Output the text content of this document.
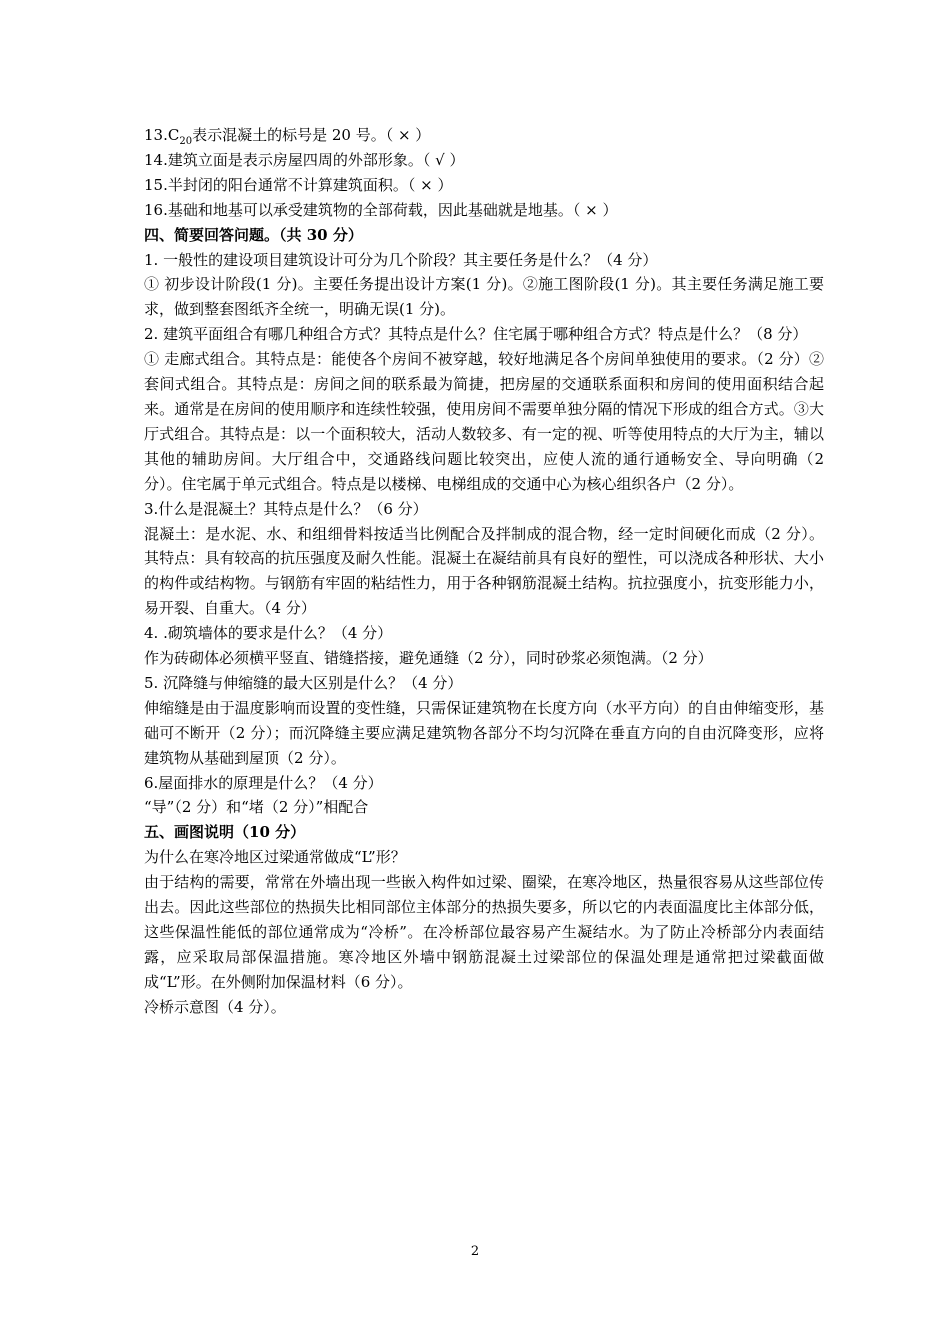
$13.C_{20}$表示混凝土的标号是 20 号。（ × ）

14.建筑立面是表示房屋四周的外部形象。（ √ ）

15.半封闭的阳台通常不计算建筑面积。（ × ）

16.基础和地基可以承受建筑物的全部荷载，因此基础就是地基。（ × ）

四、简要回答问题。（共 30 分）

1. 一般性的建设项目建筑设计可分为几个阶段？其主要任务是什么？（4 分）

① 初步设计阶段(1 分)。主要任务提出设计方案(1 分)。②施工图阶段(1 分)。其主要任务满足施工要求，做到整套图纸齐全统一，明确无误(1 分)。

2. 建筑平面组合有哪几种组合方式？其特点是什么？住宅属于哪种组合方式？特点是什么？（8 分）

① 走廊式组合。其特点是：能使各个房间不被穿越，较好地满足各个房间单独使用的要求。（2 分）②套间式组合。其特点是：房间之间的联系最为简捷，把房屋的交通联系面积和房间的使用面积结合起来。通常是在房间的使用顺序和连续性较强，使用房间不需要单独分隔的情况下形成的组合方式。③大厅式组合。其特点是：以一个面积较大，活动人数较多、有一定的视、听等使用特点的大厅为主，辅以其他的辅助房间。大厅组合中，交通路线问题比较突出，应使人流的通行通畅安全、导向明确（2 分）。住宅属于单元式组合。特点是以楼梯、电梯组成的交通中心为核心组织各户（2 分）。

3.什么是混凝土？其特点是什么？（6 分）

混凝土：是水泥、水、和组细骨料按适当比例配合及拌制成的混合物，经一定时间硬化而成（2 分）。其特点：具有较高的抗压强度及耐久性能。混凝土在凝结前具有良好的塑性，可以浇成各种形状、大小的构件或结构物。与钢筋有牢固的粘结性力，用于各种钢筋混凝土结构。抗拉强度小，抗变形能力小，易开裂、自重大。（4 分）

4. .砌筑墙体的要求是什么？（4 分）

作为砖砌体必须横平竖直、错缝搭接，避免通缝（2 分），同时砂浆必须饱满。（2 分）

5. 沉降缝与伸缩缝的最大区别是什么？（4 分）

伸缩缝是由于温度影响而设置的变性缝，只需保证建筑物在长度方向（水平方向）的自由伸缩变形，基础可不断开（2 分）；而沉降缝主要应满足建筑物各部分不均匀沉降在垂直方向的自由沉降变形，应将建筑物从基础到屋顶（2 分）。

6.屋面排水的原理是什么？（4 分）

“导”（2 分）和“堵（2 分）”相配合

五、画图说明（10 分）

为什么在寒冷地区过梁通常做成“L”形？

由于结构的需要，常常在外墙出现一些嵌入构件如过梁、圈梁，在寒冷地区，热量很容易从这些部位传出去。因此这些部位的热损失比相同部位主体部分的热损失要多，所以它的内表面温度比主体部分低，这些保温性能低的部位通常成为“冷桥”。在冷桥部位最容易产生凝结水。为了防止冷桥部分内表面结露，应采取局部保温措施。寒冷地区外墙中钢筋混凝土过梁部位的保温处理是通常把过梁截面做成“L”形。在外侧附加保温材料（6 分）。

冷桥示意图（4 分）。

2
